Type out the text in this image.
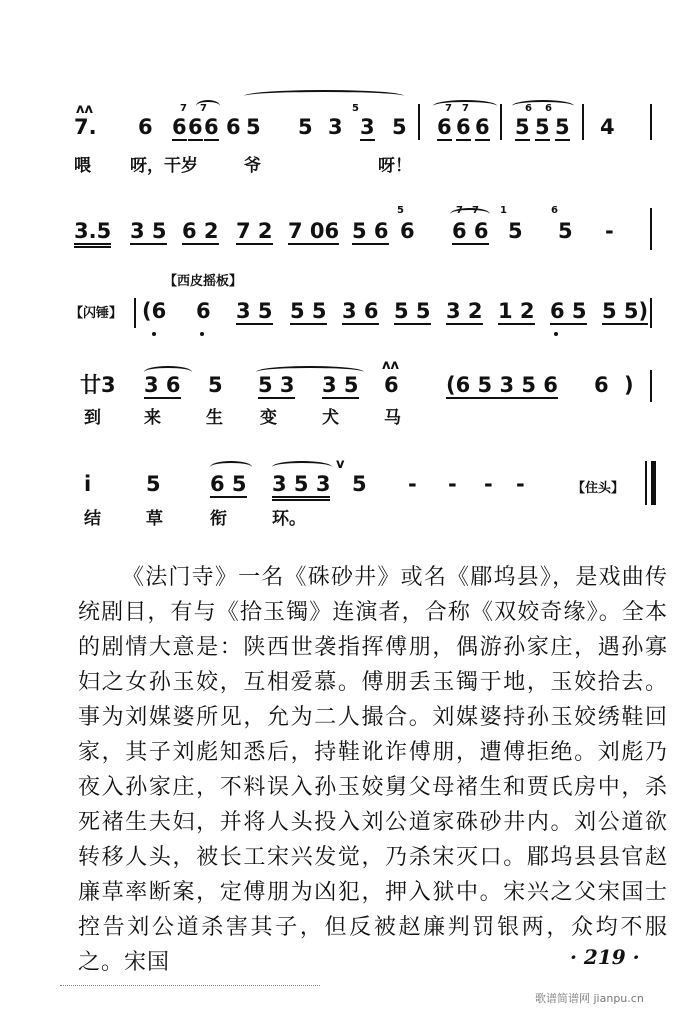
ʌʌ
7. 6 6 6 6 6 5 5 3 3 5 6 6 6 5 5 5 4
7 7	5	7 7	6 6
喂 呀，干岁	爷	呀！
3.5 3 5 6 2 7 2 7 06 5 6 6 6 6 5 5 -
5	7 7 1	6
【西皮摇板】
【闪锤】 (6 6 3 5 5 5 3 6 5 5 3 2 1 2 6 5 5 5)
ʌʌ
廿3 3 6 5 5 3 3 5 6 (6 5 3 5 6 6 )
到	来	生 变	犬	马
v
i	5 6 5 3 5 3 5 - - - -	【住头】
结	草	衔	环。

《法门寺》一名《硃砂井》或名《郿坞县》，是戏曲传统剧目，有与《拾玉镯》连演者，合称《双姣奇缘》。全本的剧情大意是：陕西世袭指挥傅朋，偶游孙家庄，遇孙寡妇之女孙玉姣，互相爱慕。傅朋丢玉镯于地，玉姣拾去。事为刘媒婆所见，允为二人撮合。刘媒婆持孙玉姣绣鞋回家，其子刘彪知悉后，持鞋讹诈傅朋，遭傅拒绝。刘彪乃夜入孙家庄，不料误入孙玉姣舅父母褚生和贾氏房中，杀死褚生夫妇，并将人头投入刘公道家硃砂井内。刘公道欲转移人头，被长工宋兴发觉，乃杀宋灭口。郿坞县县官赵廉草率断案，定傅朋为凶犯，押入狱中。宋兴之父宋国士控告刘公道杀害其子，但反被赵廉判罚银两，众均不服之。宋国	· 219 ·
歌谱简谱网 jianpu.cn
